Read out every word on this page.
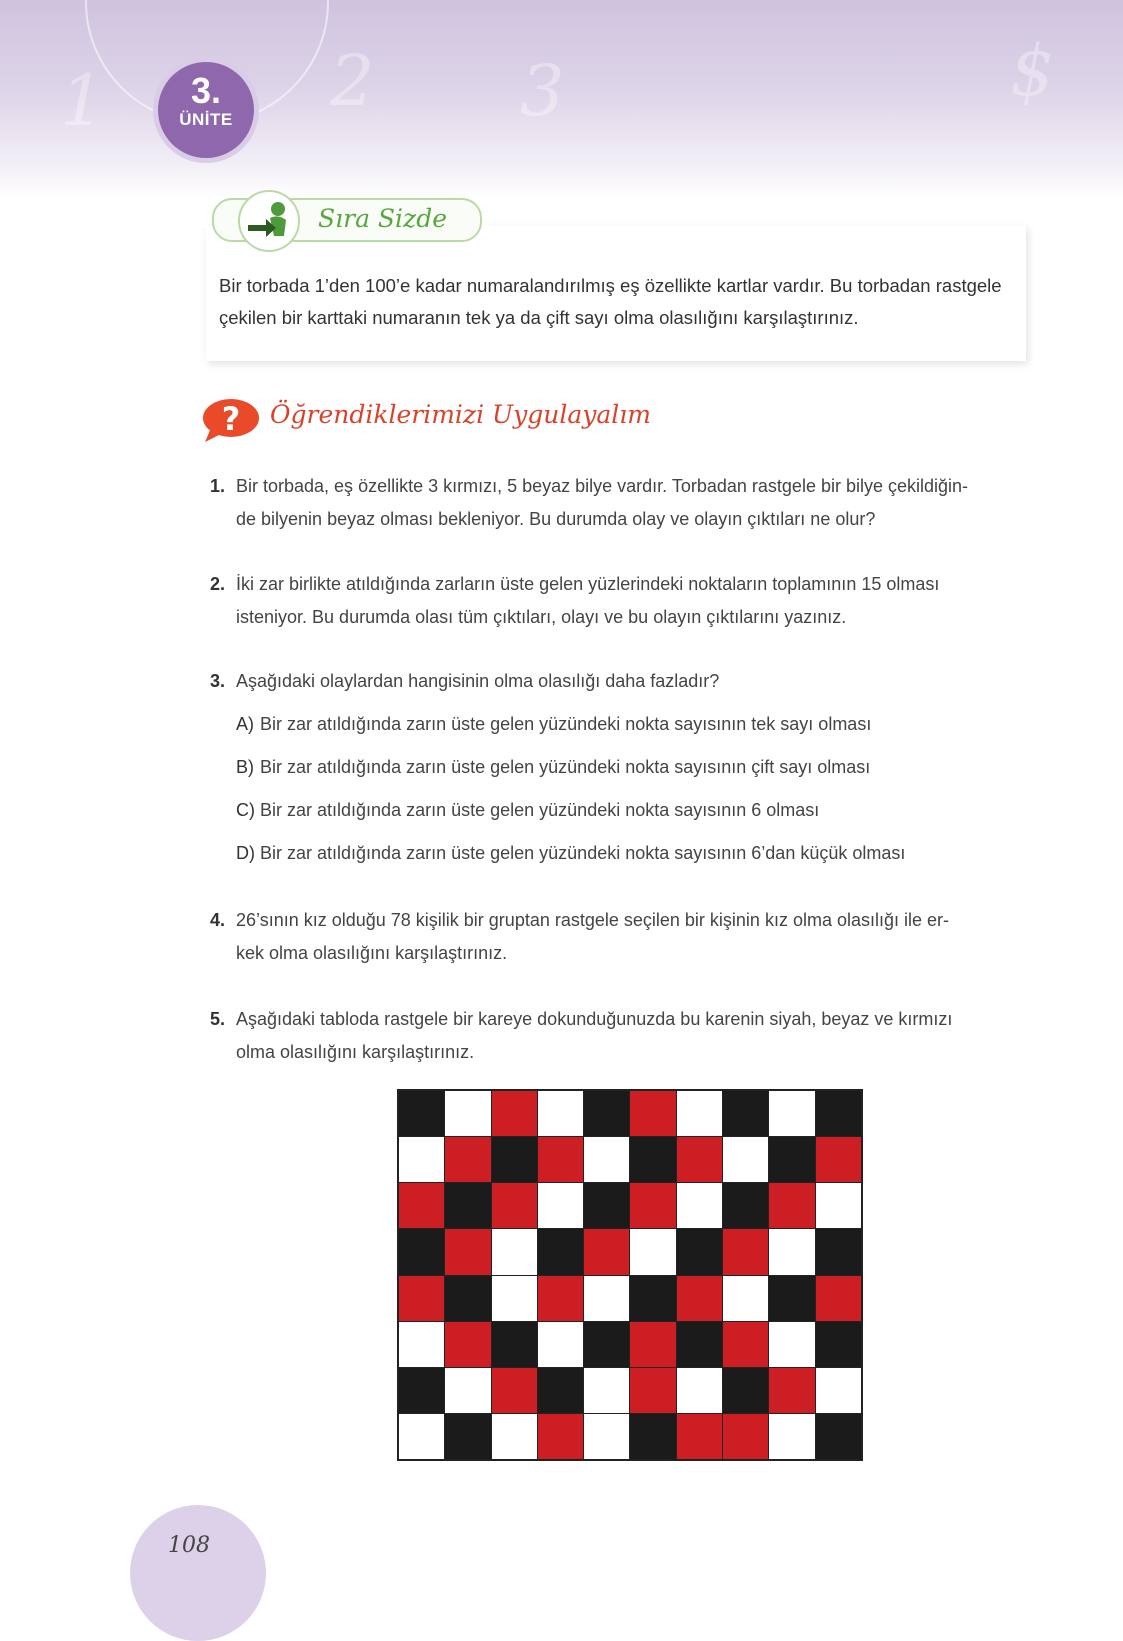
1	2 3	$
3.
ÜNİTE
Sıra Sizde
Bir torbada 1’den 100’e kadar numaralandırılmış eş özellikte kartlar vardır. Bu torbadan rastgele çekilen bir karttaki numaranın tek ya da çift sayı olma olasılığını karşılaştırınız.
? Öğrendiklerimizi Uygulayalım
1. Bir torbada, eş özellikte 3 kırmızı, 5 beyaz bilye vardır. Torbadan rastgele bir bilye çekildiğin-
de bilyenin beyaz olması bekleniyor. Bu durumda olay ve olayın çıktıları ne olur?
2. İki zar birlikte atıldığında zarların üste gelen yüzlerindeki noktaların toplamının 15 olması
isteniyor. Bu durumda olası tüm çıktıları, olayı ve bu olayın çıktılarını yazınız.
3. Aşağıdaki olaylardan hangisinin olma olasılığı daha fazladır?
A) Bir zar atıldığında zarın üste gelen yüzündeki nokta sayısının tek sayı olması
B) Bir zar atıldığında zarın üste gelen yüzündeki nokta sayısının çift sayı olması
C) Bir zar atıldığında zarın üste gelen yüzündeki nokta sayısının 6 olması
D) Bir zar atıldığında zarın üste gelen yüzündeki nokta sayısının 6’dan küçük olması
4. 26’sının kız olduğu 78 kişilik bir gruptan rastgele seçilen bir kişinin kız olma olasılığı ile er-
kek olma olasılığını karşılaştırınız.
5. Aşağıdaki tabloda rastgele bir kareye dokunduğunuzda bu karenin siyah, beyaz ve kırmızı
olma olasılığını karşılaştırınız.
108
